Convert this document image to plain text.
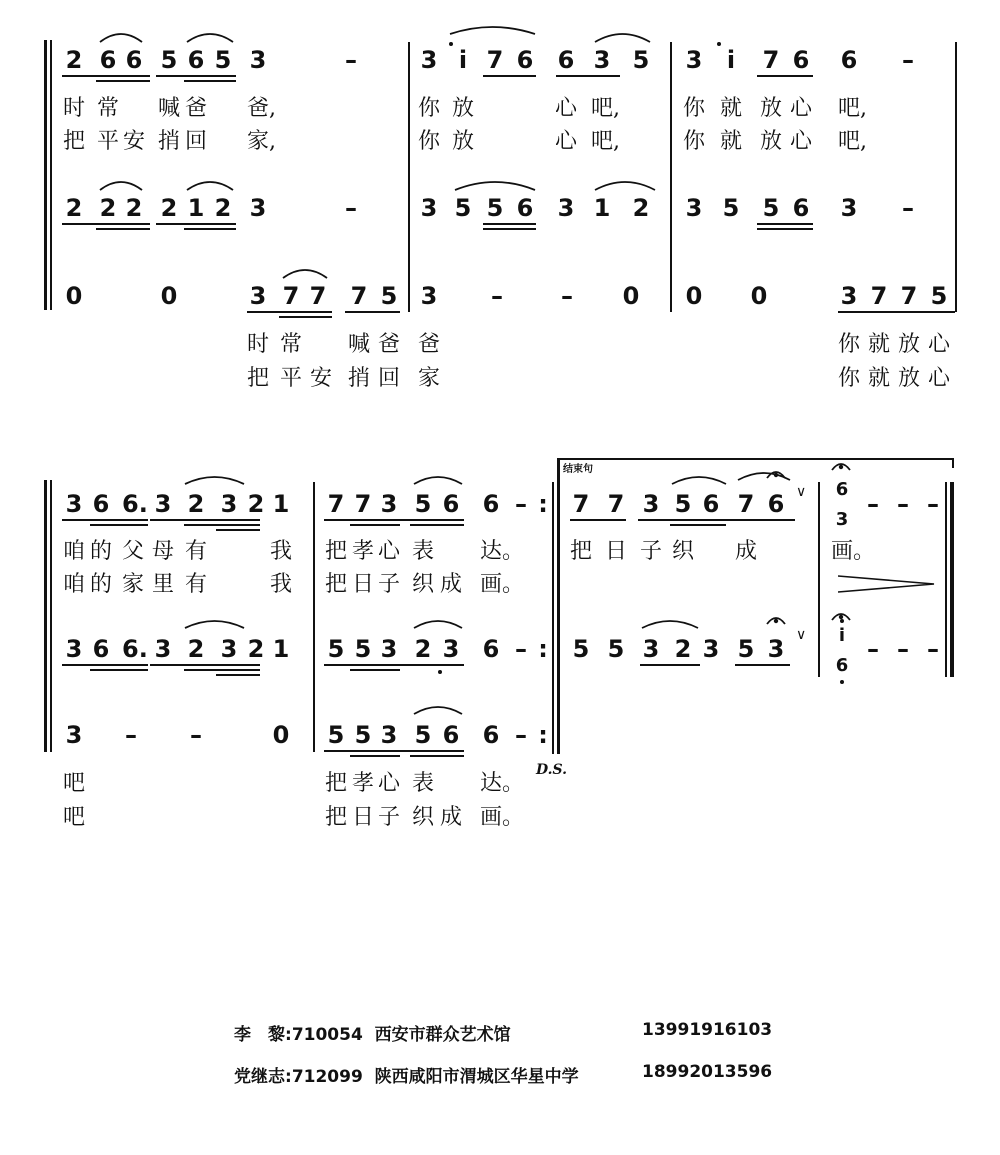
2 6 6 5 6 5 3	–	3 i 7 6 6 3 5 3 i 7 6 6 –
2 2 2 2 1 2 3	–	3 5 5 6 3 1 2 3 5 5 6 3 –
0	0	3 7 7 7 5 3 – – 0 0 0	3 7 7 5
时 常 喊 爸 爸,	你 放	心 吧,	你 就 放 心 吧,
把 平 安 捎 回 家,	你 放	心 吧,	你 就 放 心 吧,
时 常 喊 爸 爸	你 就 放 心
把 平 安 捎 回 家	你 就 放 心
结束句
3 6 6. 3 2 3 2 1 7 7 3 5 6 6 – : 7 7 3 5 6 7 6
6
3
– – –
3 6 6. 3 2 3 2 1 5 5 3 2 3 6 – : 5 5 3 2 3 5 3	i
6
– – –
3 – –	0 5 5 3 5 6 6 – :
咱 的 父 母 有	我 把 孝 心 表 达。 把 日 子 织 成	画。
咱 的 家 里 有	我 把 日 子 织 成 画。
吧	把 孝 心 表 达。
吧	把 日 子 织 成 画。
D.S.
∨
∨
李　黎:710054 西安市群众艺术馆	13991916103
党继志:712099 陕西咸阳市渭城区华星中学	18992013596
